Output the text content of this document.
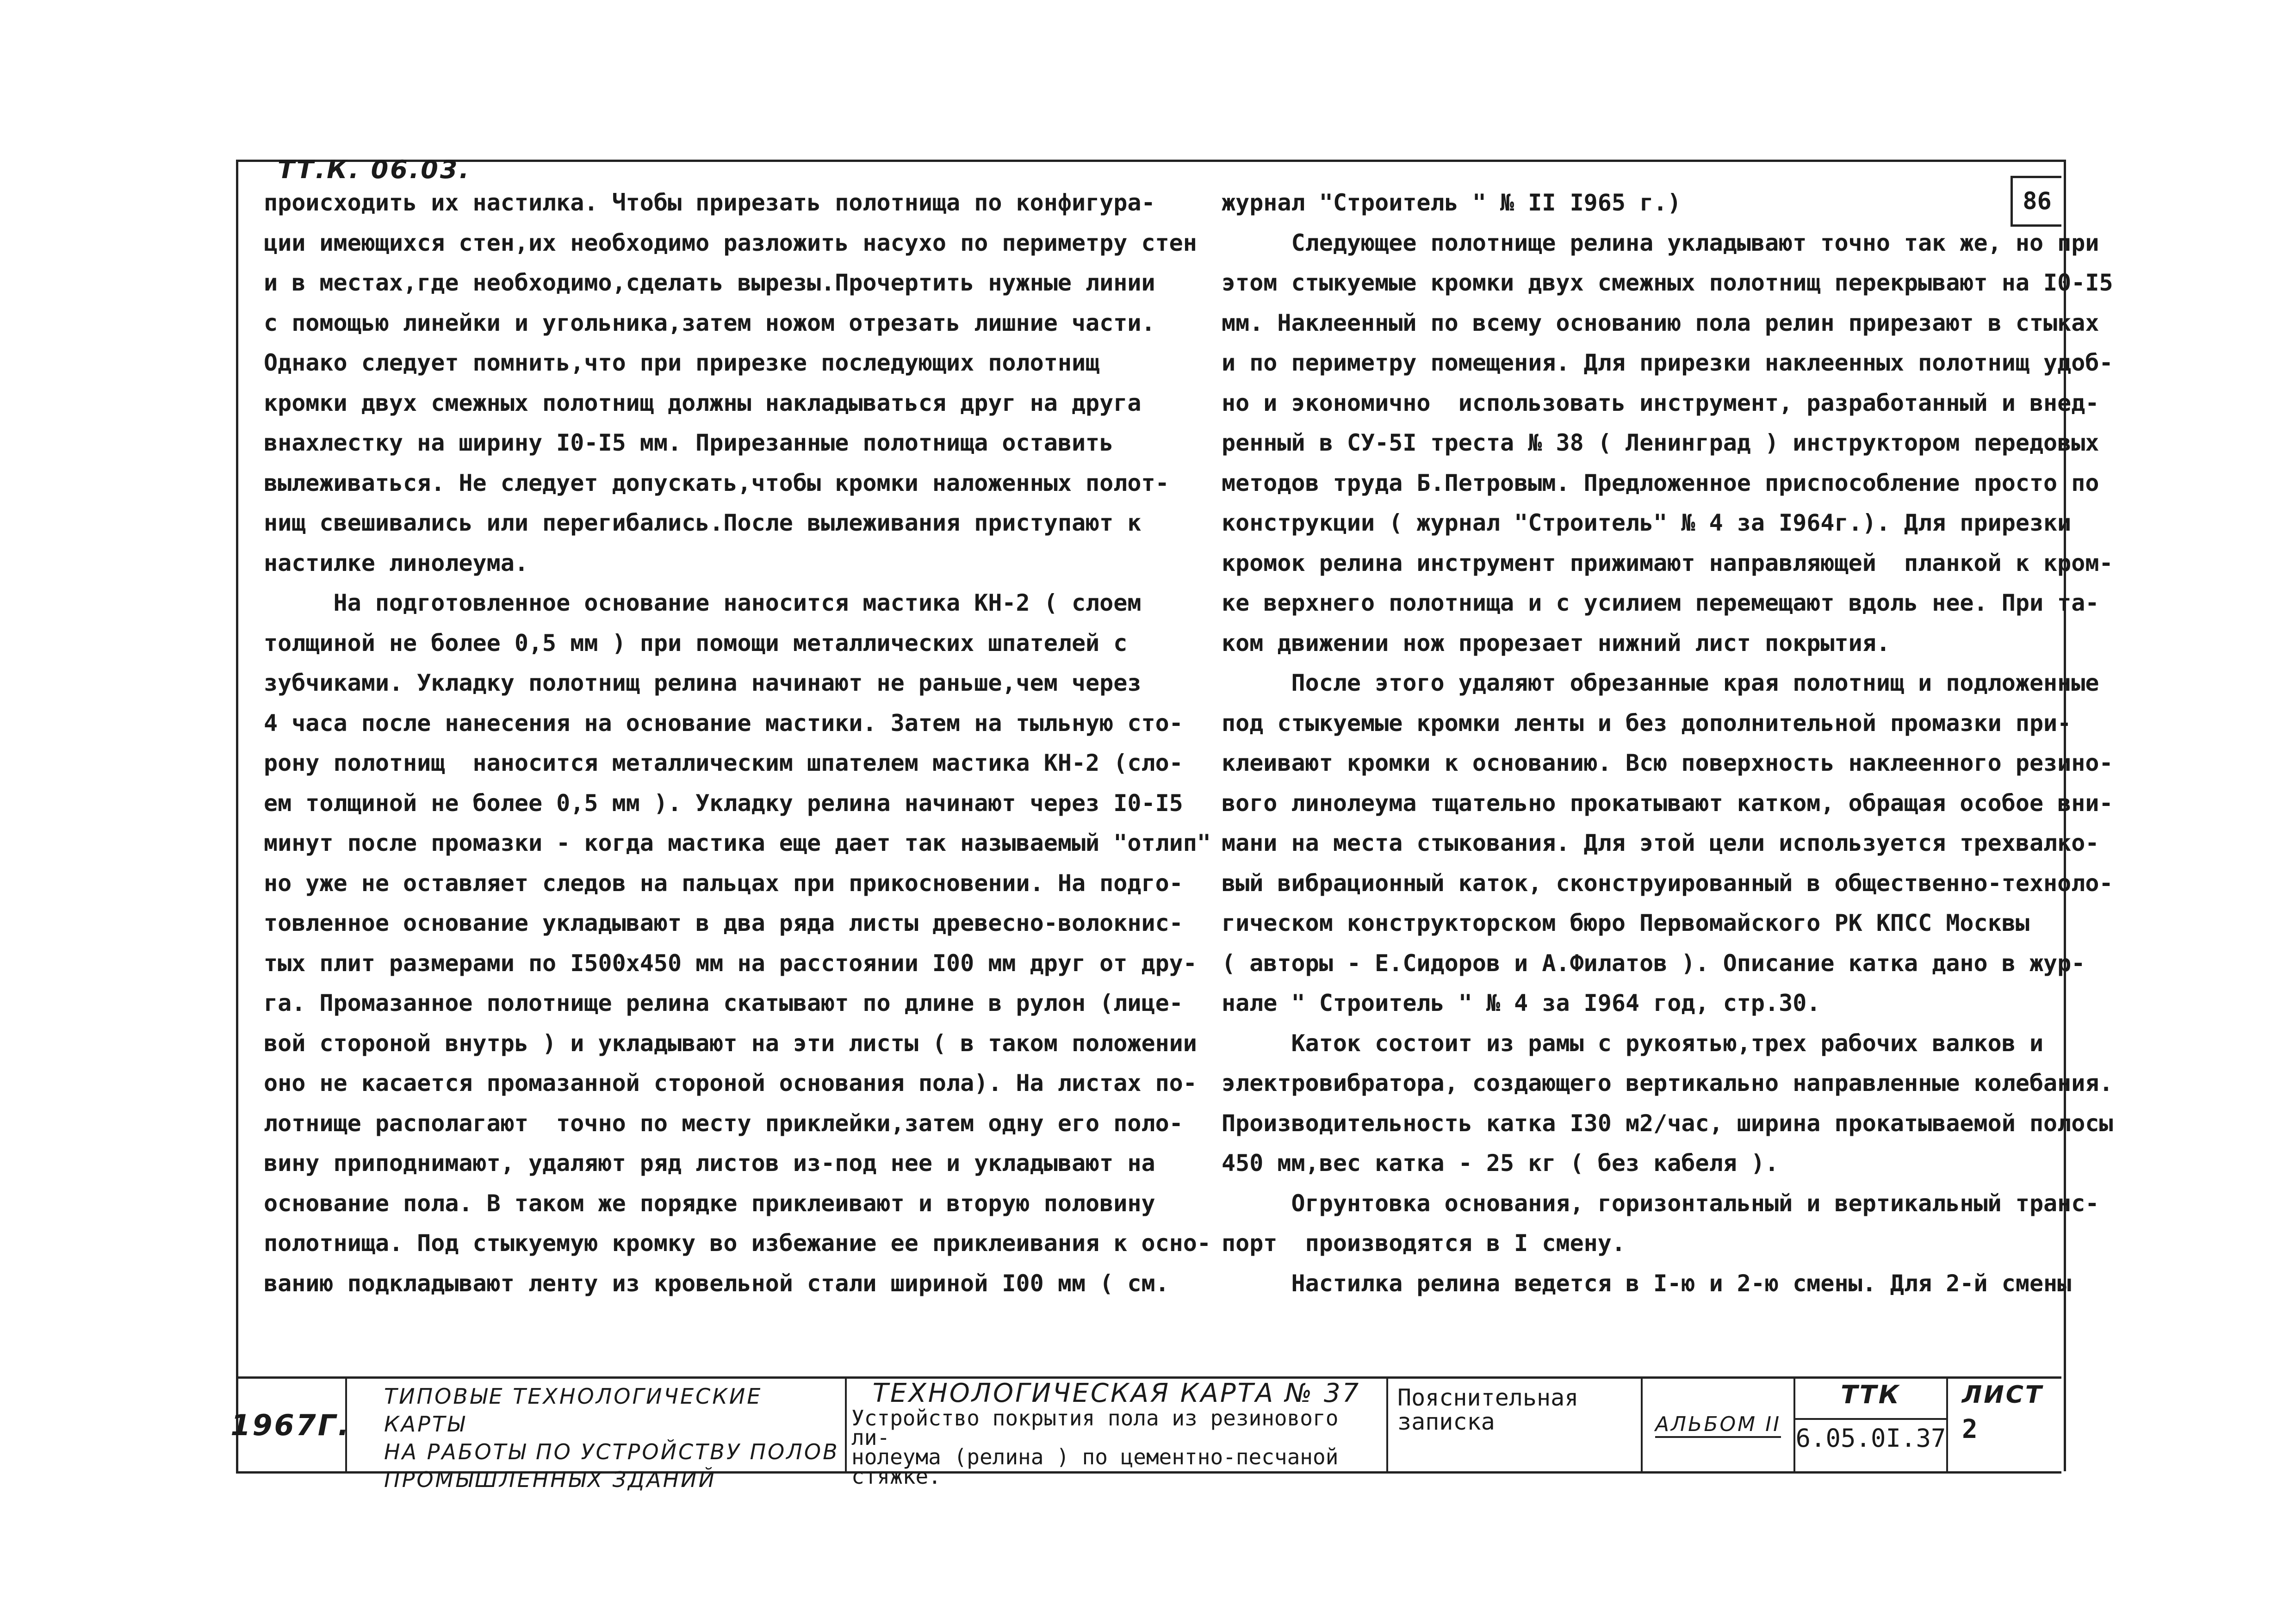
ТТ.К. 06.03.
86
происходить их настилка. Чтобы прирезать полотнища по конфигура-
ции имеющихся стен,их необходимо разложить насухо по периметру стен
и в местах,где необходимо,сделать вырезы.Прочертить нужные линии
с помощью линейки и угольника,затем ножом отрезать лишние части.
Однако следует помнить,что при прирезке последующих полотнищ
кромки двух смежных полотнищ должны накладываться друг на друга
внахлестку на ширину I0-I5 мм. Прирезанные полотнища оставить
вылеживаться. Не следует допускать,чтобы кромки наложенных полот-
нищ свешивались или перегибались.После вылеживания приступают к
настилке линолеума.
На подготовленное основание наносится мастика КН-2 ( слоем
толщиной не более 0,5 мм ) при помощи металлических шпателей с
зубчиками. Укладку полотнищ релина начинают не раньше,чем через
4 часа после нанесения на основание мастики. Затем на тыльную сто-
рону полотнищ  наносится металлическим шпателем мастика КН-2 (сло-
ем толщиной не более 0,5 мм ). Укладку релина начинают через I0-I5
минут после промазки - когда мастика еще дает так называемый "отлип"
но уже не оставляет следов на пальцах при прикосновении. На подго-
товленное основание укладывают в два ряда листы древесно-волокнис-
тых плит размерами по I500х450 мм на расстоянии I00 мм друг от дру-
га. Промазанное полотнище релина скатывают по длине в рулон (лице-
вой стороной внутрь ) и укладывают на эти листы ( в таком положении
оно не касается промазанной стороной основания пола). На листах по-
лотнище располагают  точно по месту приклейки,затем одну его поло-
вину приподнимают, удаляют ряд листов из-под нее и укладывают на
основание пола. В таком же порядке приклеивают и вторую половину
полотнища. Под стыкуемую кромку во избежание ее приклеивания к осно-
ванию подкладывают ленту из кровельной стали шириной I00 мм ( см.
журнал "Строитель " № II I965 г.)
Следующее полотнище релина укладывают точно так же, но при
этом стыкуемые кромки двух смежных полотнищ перекрывают на I0-I5
мм. Наклеенный по всему основанию пола релин прирезают в стыках
и по периметру помещения. Для прирезки наклеенных полотнищ удоб-
но и экономично  использовать инструмент, разработанный и внед-
ренный в СУ-5I треста № 38 ( Ленинград ) инструктором передовых
методов труда Б.Петровым. Предложенное приспособление просто по
конструкции ( журнал "Строитель" № 4 за I964г.). Для прирезки
кромок релина инструмент прижимают направляющей  планкой к кром-
ке верхнего полотнища и с усилием перемещают вдоль нее. При та-
ком движении нож прорезает нижний лист покрытия.
После этого удаляют обрезанные края полотнищ и подложенные
под стыкуемые кромки ленты и без дополнительной промазки при-
клеивают кромки к основанию. Всю поверхность наклеенного резино-
вого линолеума тщательно прокатывают катком, обращая особое вни-
мани на места стыкования. Для этой цели используется трехвалко-
вый вибрационный каток, сконструированный в общественно-техноло-
гическом конструкторском бюро Первомайского РК КПСС Москвы
( авторы - Е.Сидоров и А.Филатов ). Описание катка дано в жур-
нале " Строитель " № 4 за I964 год, стр.30.
Каток состоит из рамы с рукоятью,трех рабочих валков и
электровибратора, создающего вертикально направленные колебания.
Производительность катка I30 м2/час, ширина прокатываемой полосы
450 мм,вес катка - 25 кг ( без кабеля ).
Огрунтовка основания, горизонтальный и вертикальный транс-
порт  производятся в I смену.
Настилка релина ведется в I-ю и 2-ю смены. Для 2-й смены
1967Г.
ТИПОВЫЕ ТЕХНОЛОГИЧЕСКИЕ КАРТЫ
НА РАБОТЫ ПО УСТРОЙСТВУ ПОЛОВ
ПРОМЫШЛЕННЫХ ЗДАНИЙ
ТЕХНОЛОГИЧЕСКАЯ КАРТА № 37
Устройство покрытия пола из резинового ли-
нолеума (релина ) по цементно-песчаной
стяжке.
Пояснительная
записка	АЛЬБОМ II
ТТК
6.05.0I.37
ЛИСТ
2
